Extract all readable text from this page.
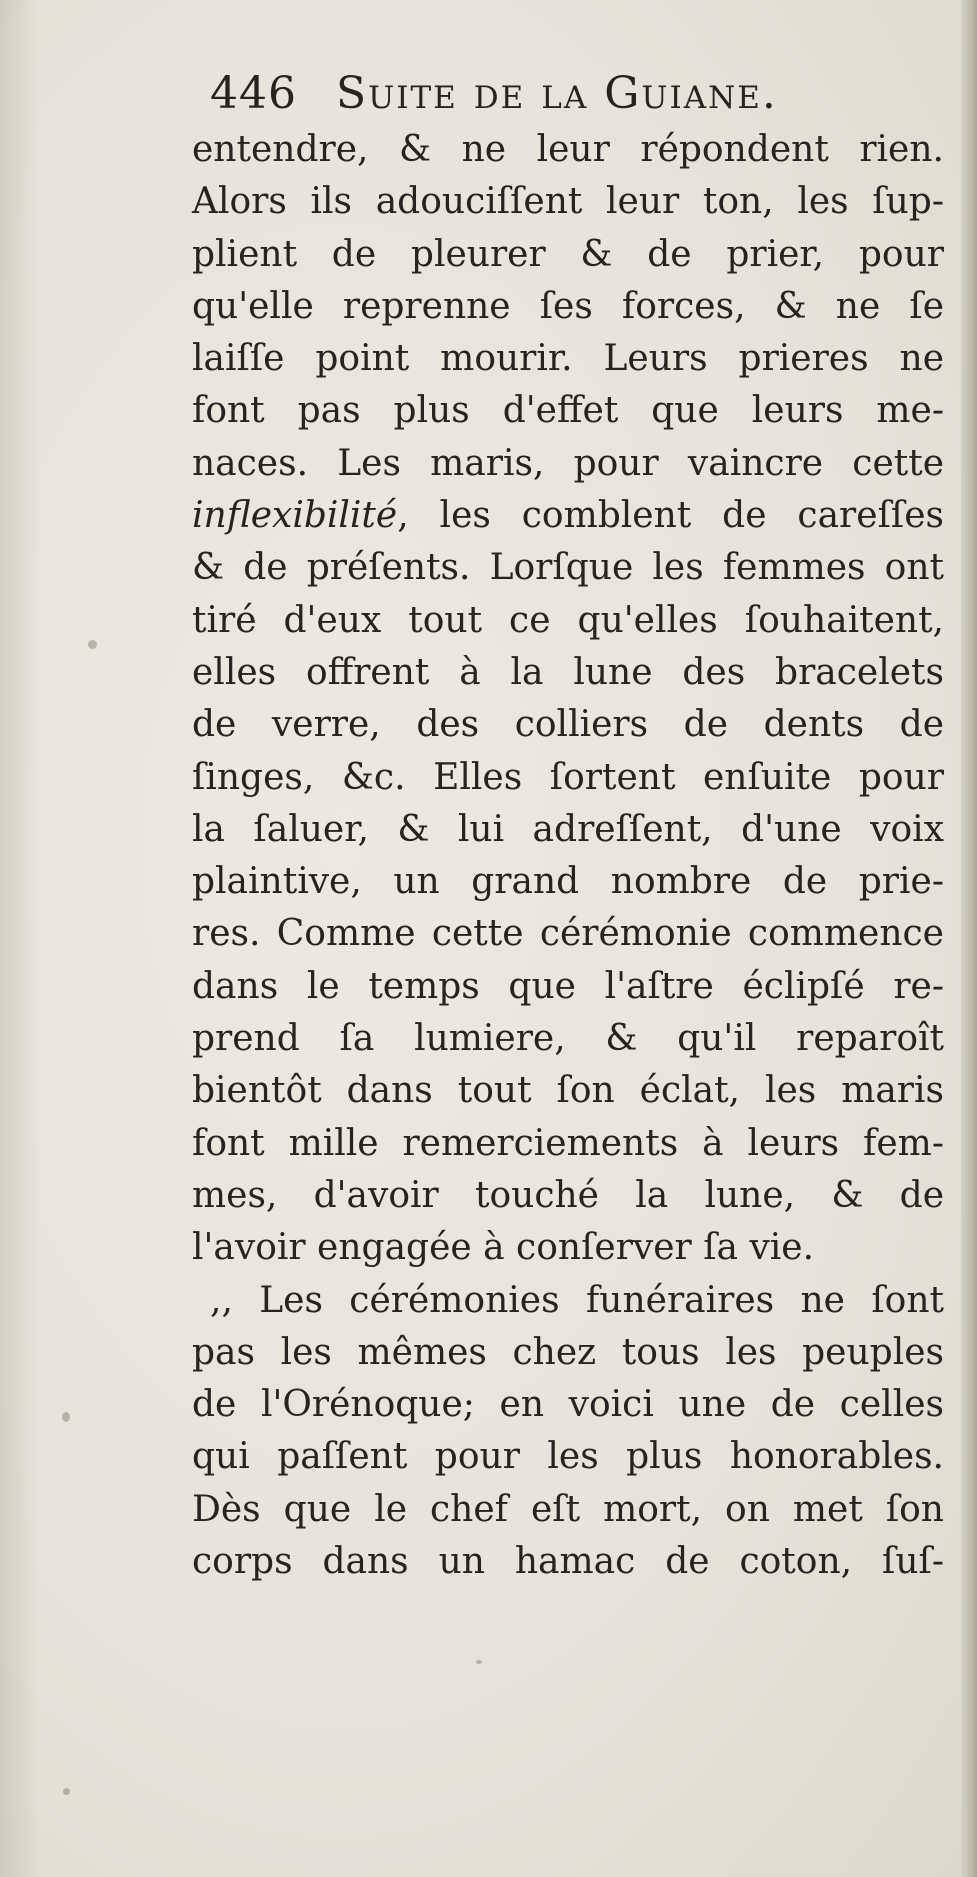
446 Suite de la Guiane.
entendre, & ne leur répondent rien.
Alors ils adouciſſent leur ton, les ſup-
plient de pleurer & de prier, pour
qu'elle reprenne ſes forces, & ne ſe
laiſſe point mourir. Leurs prieres ne
font pas plus d'effet que leurs me-
naces. Les maris, pour vaincre cette
inflexibilité, les comblent de careſſes
& de préſents. Lorſque les femmes ont
tiré d'eux tout ce qu'elles ſouhaitent,
elles offrent à la lune des bracelets
de verre, des colliers de dents de
ſinges, &c. Elles ſortent enſuite pour
la ſaluer, & lui adreſſent, d'une voix
plaintive, un grand nombre de prie-
res. Comme cette cérémonie commence
dans le temps que l'aſtre éclipſé re-
prend ſa lumiere, & qu'il reparoît
bientôt dans tout ſon éclat, les maris
font mille remerciements à leurs fem-
mes, d'avoir touché la lune, & de
l'avoir engagée à conſerver ſa vie.
,, Les cérémonies funéraires ne ſont
pas les mêmes chez tous les peuples
de l'Orénoque; en voici une de celles
qui paſſent pour les plus honorables.
Dès que le chef eſt mort, on met ſon
corps dans un hamac de coton, ſuſ-
